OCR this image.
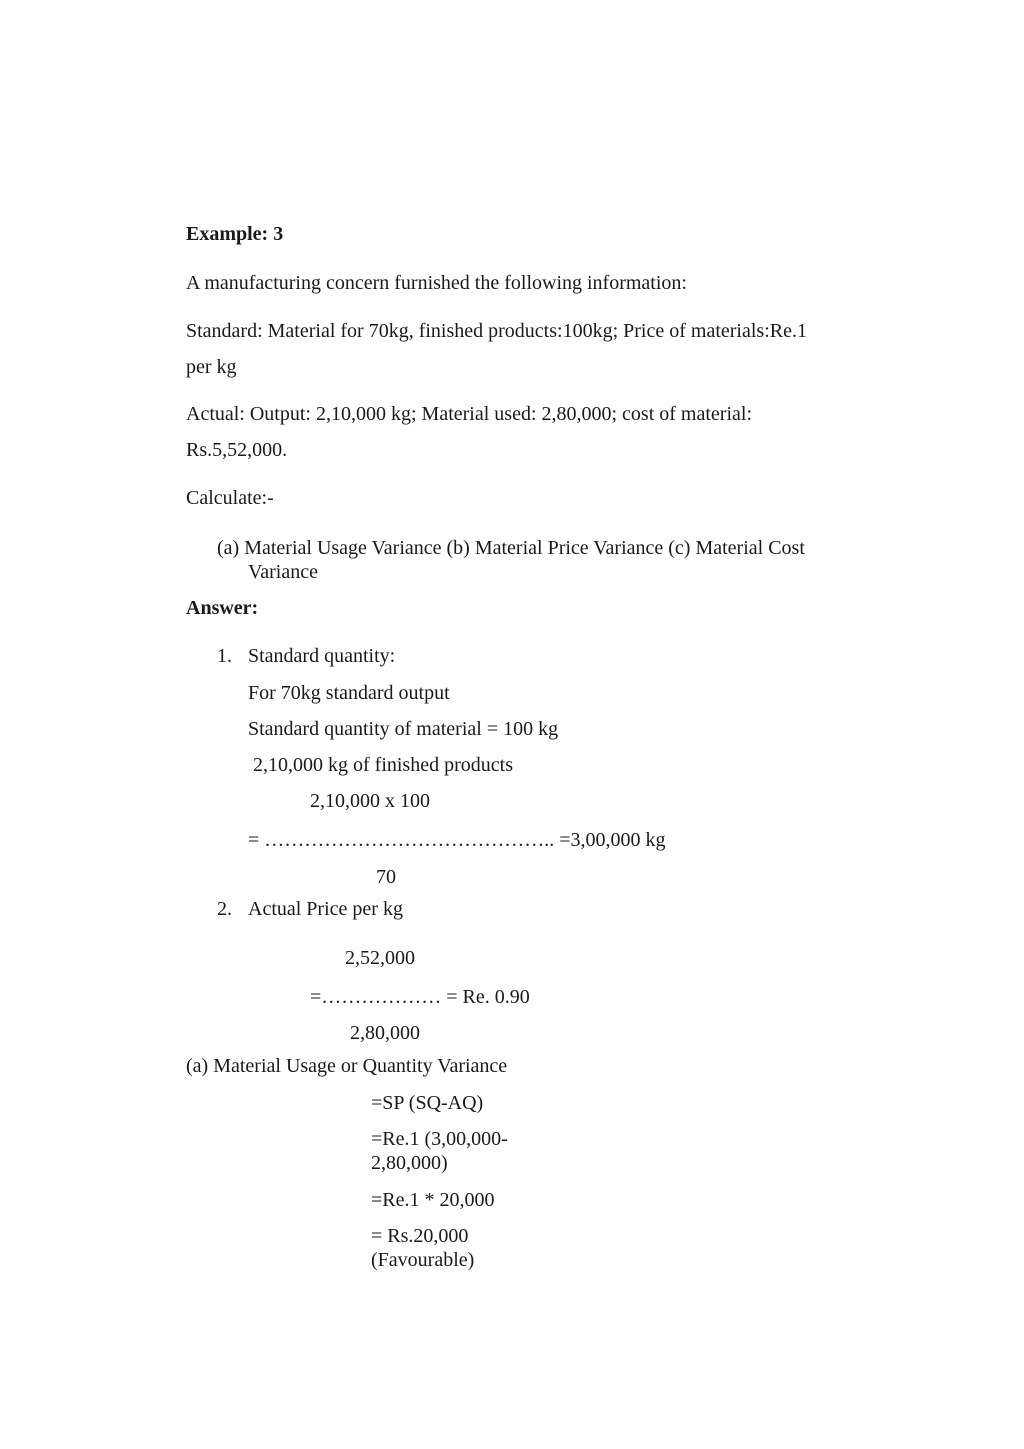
Example: 3
A manufacturing concern furnished the following information:
Standard: Material for 70kg, finished products:100kg; Price of materials:Re.1
per kg
Actual: Output: 2,10,000 kg; Material used: 2,80,000; cost of material:
Rs.5,52,000.
Calculate:-
(a) Material Usage Variance (b) Material Price Variance (c) Material Cost
Variance
Answer:
1. Standard quantity:
For 70kg standard output
Standard quantity of material = 100 kg
2,10,000 kg of finished products
2,10,000 x 100
= …………………………………….. =3,00,000 kg
70
2. Actual Price per kg
2,52,000
=……………… = Re. 0.90
2,80,000
(a) Material Usage or Quantity Variance
=SP (SQ-AQ)
=Re.1 (3,00,000-
2,80,000)
=Re.1 * 20,000
= Rs.20,000
(Favourable)
